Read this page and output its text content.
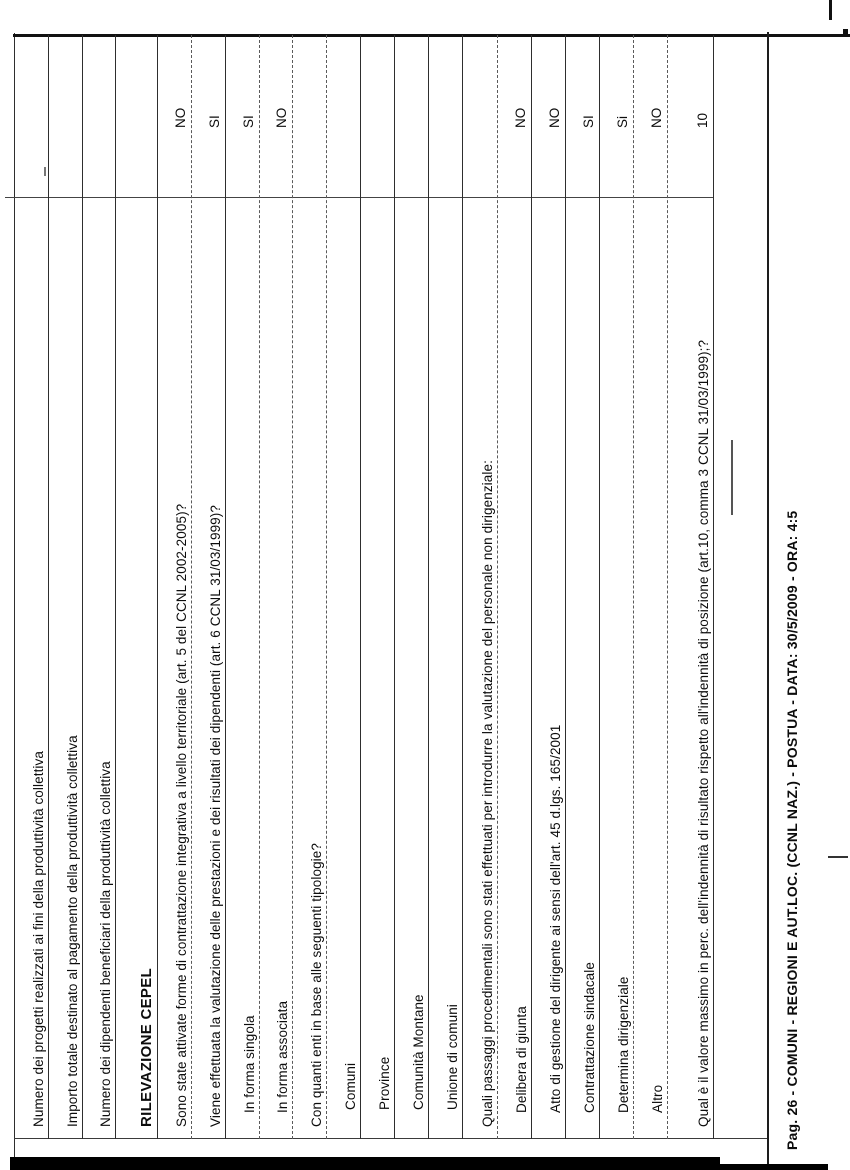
Numero dei progetti realizzati ai fini della produttività collettiva Importo totale destinato al pagamento della produttività collettiva Numero dei dipendenti beneficiari della produttività collettiva RILEVAZIONE CEPEL Sono state attivate forme di contrattazione integrativa a livello territoriale (art. 5 del CCNL 2002-2005)?
NO
Viene effettuata la valutazione delle prestazioni e dei risultati dei dipendenti (art. 6 CCNL 31/03/1999)?
SI
In forma singola
SI
In forma associata
NO
Con quanti enti in base alle seguenti tipologie? Comuni Province Comunità Montane Unione di comuni Quali passaggi procedimentali sono stati effettuati per introdurre la valutazione del personale non dirigenziale: Delibera di giunta
NO
Atto di gestione del dirigente ai sensi dell'art. 45 d.lgs. 165/2001
NO
Contrattazione sindacale
SI
Determina dirigenziale
Si
Altro
NO
Qual è il valore massimo in perc. dell'indennità di risultato rispetto all'indennità di posizione (art.10, comma 3 CCNL 31/03/1999);?
10
Pag. 26 - COMUNI - REGIONI E AUT.LOC. (CCNL NAZ.) - POSTUA - DATA: 30/5/2009 - ORA: 4:5
